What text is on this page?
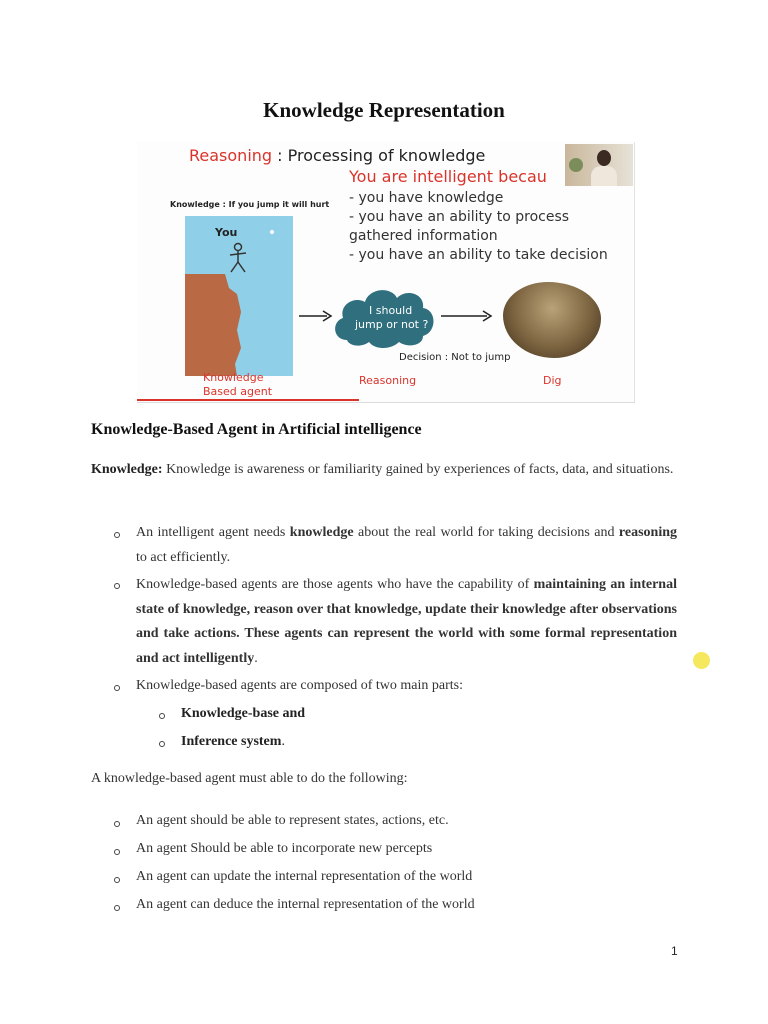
Knowledge Representation
Reasoning : Processing of knowledge
You are intelligent becau
- you have knowledge
- you have an ability to process
gathered information
- you have an ability to take decision
Knowledge : If you jump it will hurt
You
Knowledge
Based agent
I should
jump or not ?
Decision : Not to jump
Reasoning	Dig
Knowledge-Based Agent in Artificial intelligence
Knowledge: Knowledge is awareness or familiarity gained by experiences of facts, data, and situations.
An intelligent agent needs knowledge about the real world for taking decisions and reasoning to act efficiently.
Knowledge-based agents are those agents who have the capability of maintaining an internal state of knowledge, reason over that knowledge, update their knowledge after observations and take actions. These agents can represent the world with some formal representation and act intelligently.
Knowledge-based agents are composed of two main parts:
Knowledge-base and
Inference system.
A knowledge-based agent must able to do the following:
An agent should be able to represent states, actions, etc.
An agent Should be able to incorporate new percepts
An agent can update the internal representation of the world
An agent can deduce the internal representation of the world
1
